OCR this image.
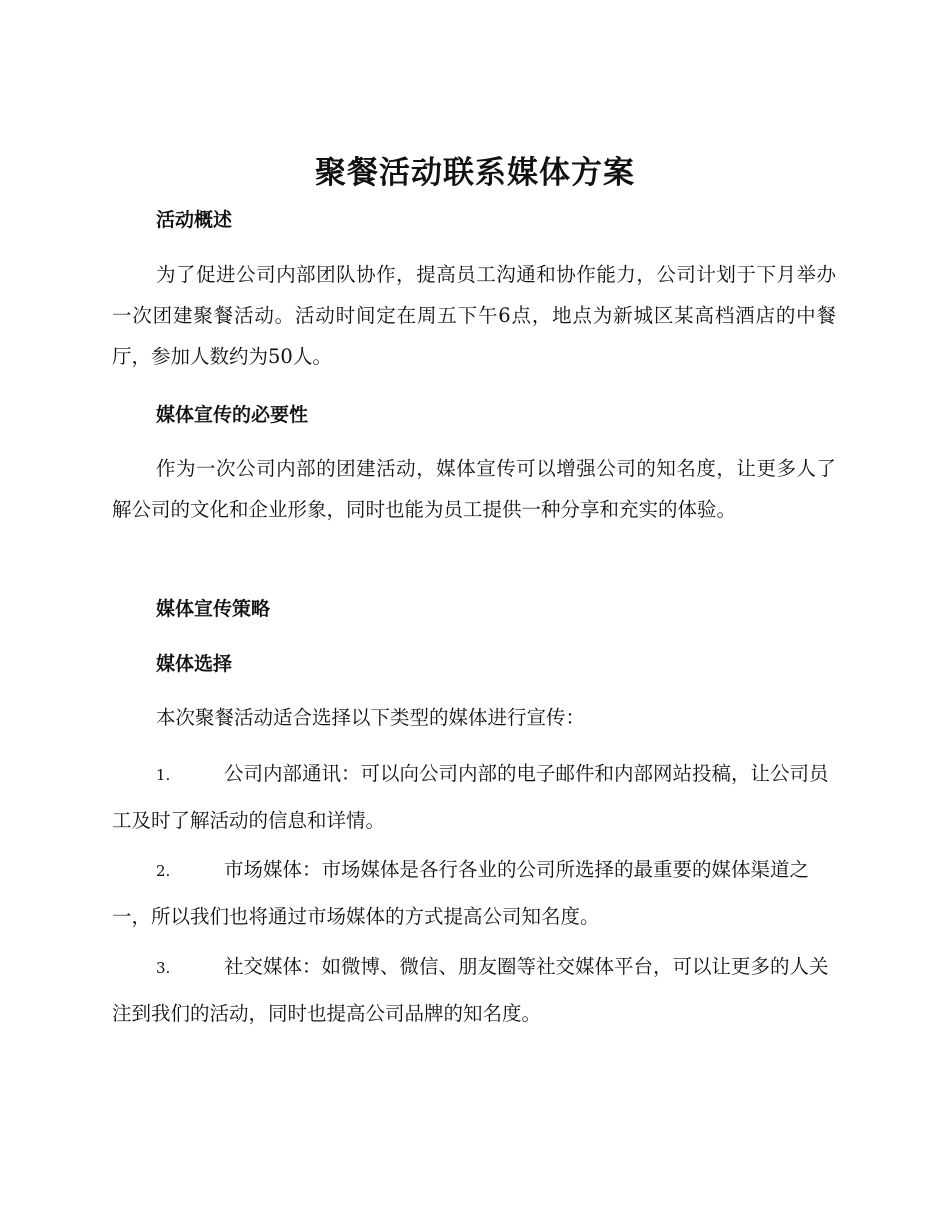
聚餐活动联系媒体方案
活动概述
为了促进公司内部团队协作，提高员工沟通和协作能力，公司计划于下月举办一次团建聚餐活动。活动时间定在周五下午6点，地点为新城区某高档酒店的中餐厅，参加人数约为50人。
媒体宣传的必要性
作为一次公司内部的团建活动，媒体宣传可以增强公司的知名度，让更多人了解公司的文化和企业形象，同时也能为员工提供一种分享和充实的体验。
媒体宣传策略
媒体选择
本次聚餐活动适合选择以下类型的媒体进行宣传：
1.	公司内部通讯：可以向公司内部的电子邮件和内部网站投稿，让公司员工及时了解活动的信息和详情。
2.	市场媒体：市场媒体是各行各业的公司所选择的最重要的媒体渠道之一，所以我们也将通过市场媒体的方式提高公司知名度。
3.	社交媒体：如微博、微信、朋友圈等社交媒体平台，可以让更多的人关注到我们的活动，同时也提高公司品牌的知名度。
